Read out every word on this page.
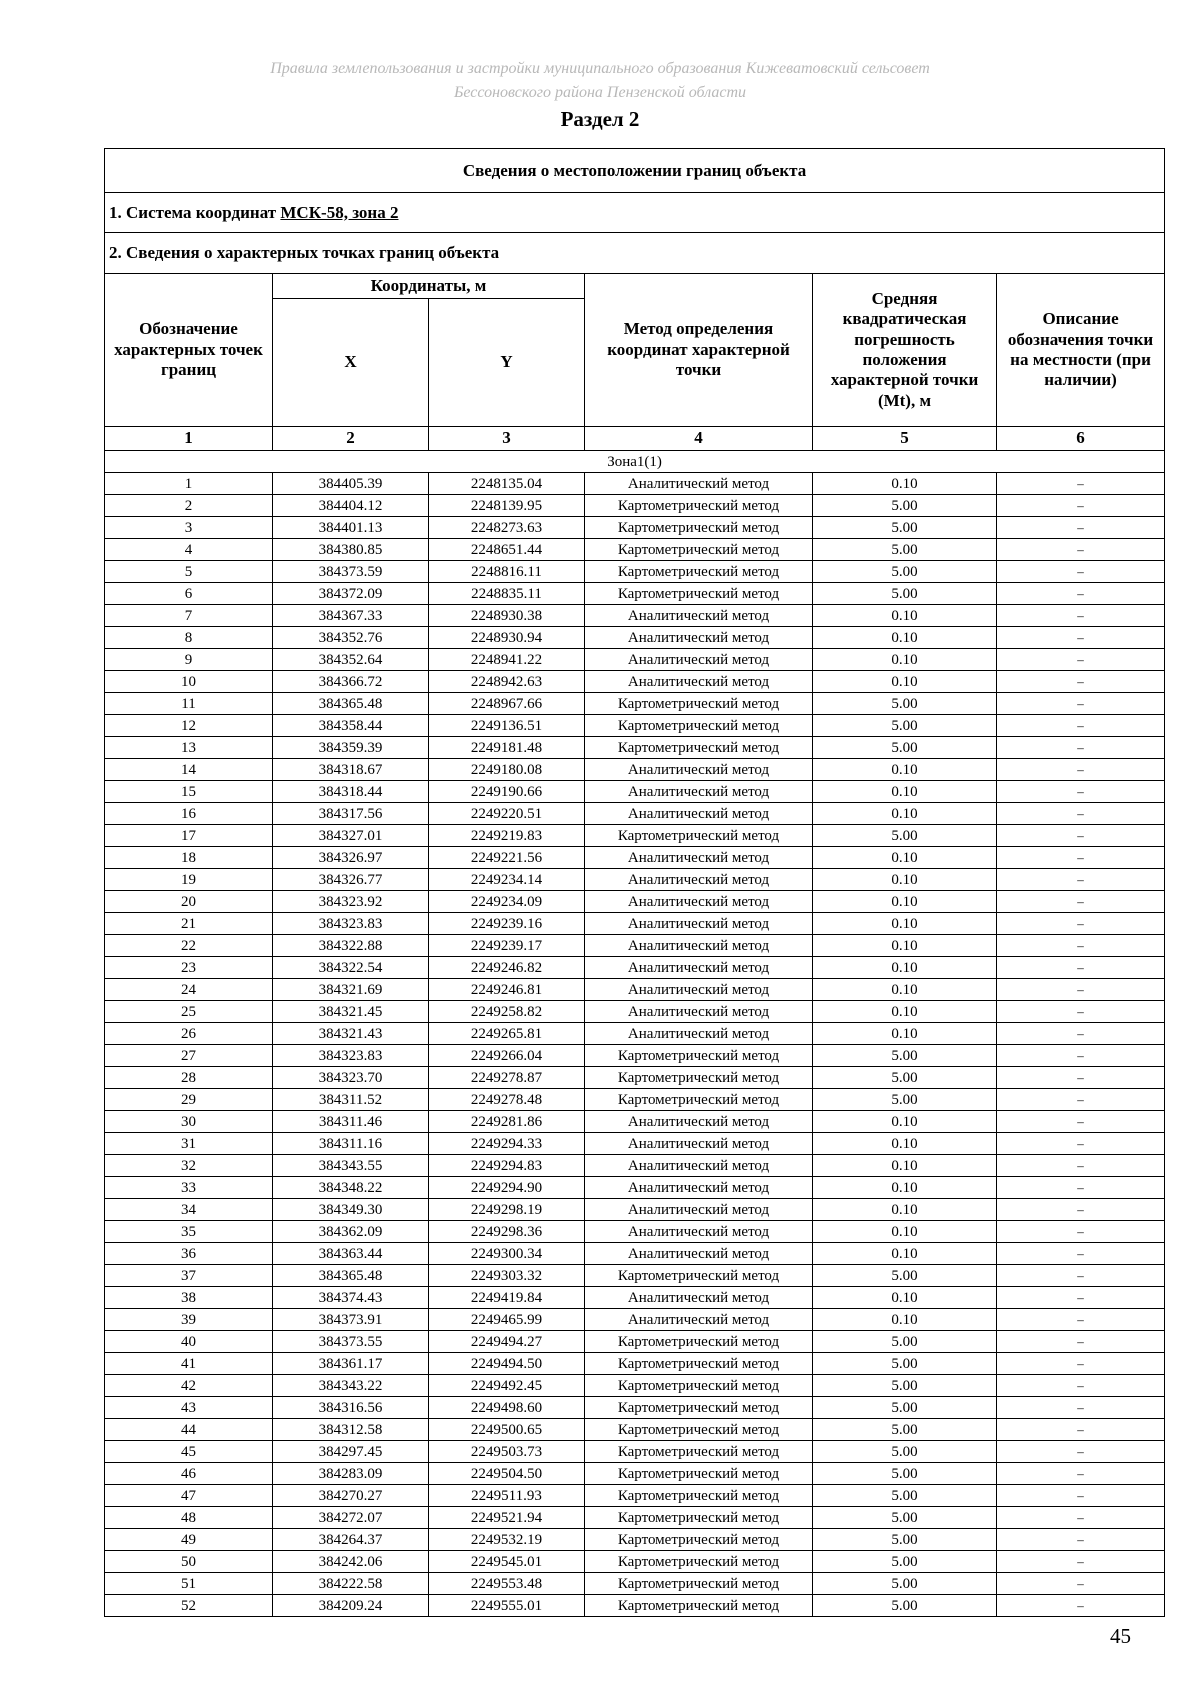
Правила землепользования и застройки муниципального образования Кижеватовский сельсовет
Бессоновского района Пензенской области
Раздел 2
Сведения о местоположении границ объекта					
1. Система координат МСК-58, зона 2					
2. Сведения о характерных точках границ объекта					
Обозначение характерных точек границ	Координаты, м		Метод определения координат характерной точки	Средняя квадратическая погрешность положения характерной точки (Mt), м	Описание обозначения точки на местности (при наличии)
	X	Y			
1	2	3	4	5	6
Зона1(1)					
1	384405.39	2248135.04	Аналитический метод	0.10	–
2	384404.12	2248139.95	Картометрический метод	5.00	–
3	384401.13	2248273.63	Картометрический метод	5.00	–
4	384380.85	2248651.44	Картометрический метод	5.00	–
5	384373.59	2248816.11	Картометрический метод	5.00	–
6	384372.09	2248835.11	Картометрический метод	5.00	–
7	384367.33	2248930.38	Аналитический метод	0.10	–
8	384352.76	2248930.94	Аналитический метод	0.10	–
9	384352.64	2248941.22	Аналитический метод	0.10	–
10	384366.72	2248942.63	Аналитический метод	0.10	–
11	384365.48	2248967.66	Картометрический метод	5.00	–
12	384358.44	2249136.51	Картометрический метод	5.00	–
13	384359.39	2249181.48	Картометрический метод	5.00	–
14	384318.67	2249180.08	Аналитический метод	0.10	–
15	384318.44	2249190.66	Аналитический метод	0.10	–
16	384317.56	2249220.51	Аналитический метод	0.10	–
17	384327.01	2249219.83	Картометрический метод	5.00	–
18	384326.97	2249221.56	Аналитический метод	0.10	–
19	384326.77	2249234.14	Аналитический метод	0.10	–
20	384323.92	2249234.09	Аналитический метод	0.10	–
21	384323.83	2249239.16	Аналитический метод	0.10	–
22	384322.88	2249239.17	Аналитический метод	0.10	–
23	384322.54	2249246.82	Аналитический метод	0.10	–
24	384321.69	2249246.81	Аналитический метод	0.10	–
25	384321.45	2249258.82	Аналитический метод	0.10	–
26	384321.43	2249265.81	Аналитический метод	0.10	–
27	384323.83	2249266.04	Картометрический метод	5.00	–
28	384323.70	2249278.87	Картометрический метод	5.00	–
29	384311.52	2249278.48	Картометрический метод	5.00	–
30	384311.46	2249281.86	Аналитический метод	0.10	–
31	384311.16	2249294.33	Аналитический метод	0.10	–
32	384343.55	2249294.83	Аналитический метод	0.10	–
33	384348.22	2249294.90	Аналитический метод	0.10	–
34	384349.30	2249298.19	Аналитический метод	0.10	–
35	384362.09	2249298.36	Аналитический метод	0.10	–
36	384363.44	2249300.34	Аналитический метод	0.10	–
37	384365.48	2249303.32	Картометрический метод	5.00	–
38	384374.43	2249419.84	Аналитический метод	0.10	–
39	384373.91	2249465.99	Аналитический метод	0.10	–
40	384373.55	2249494.27	Картометрический метод	5.00	–
41	384361.17	2249494.50	Картометрический метод	5.00	–
42	384343.22	2249492.45	Картометрический метод	5.00	–
43	384316.56	2249498.60	Картометрический метод	5.00	–
44	384312.58	2249500.65	Картометрический метод	5.00	–
45	384297.45	2249503.73	Картометрический метод	5.00	–
46	384283.09	2249504.50	Картометрический метод	5.00	–
47	384270.27	2249511.93	Картометрический метод	5.00	–
48	384272.07	2249521.94	Картометрический метод	5.00	–
49	384264.37	2249532.19	Картометрический метод	5.00	–
50	384242.06	2249545.01	Картометрический метод	5.00	–
51	384222.58	2249553.48	Картометрический метод	5.00	–
52	384209.24	2249555.01	Картометрический метод	5.00	–
45
